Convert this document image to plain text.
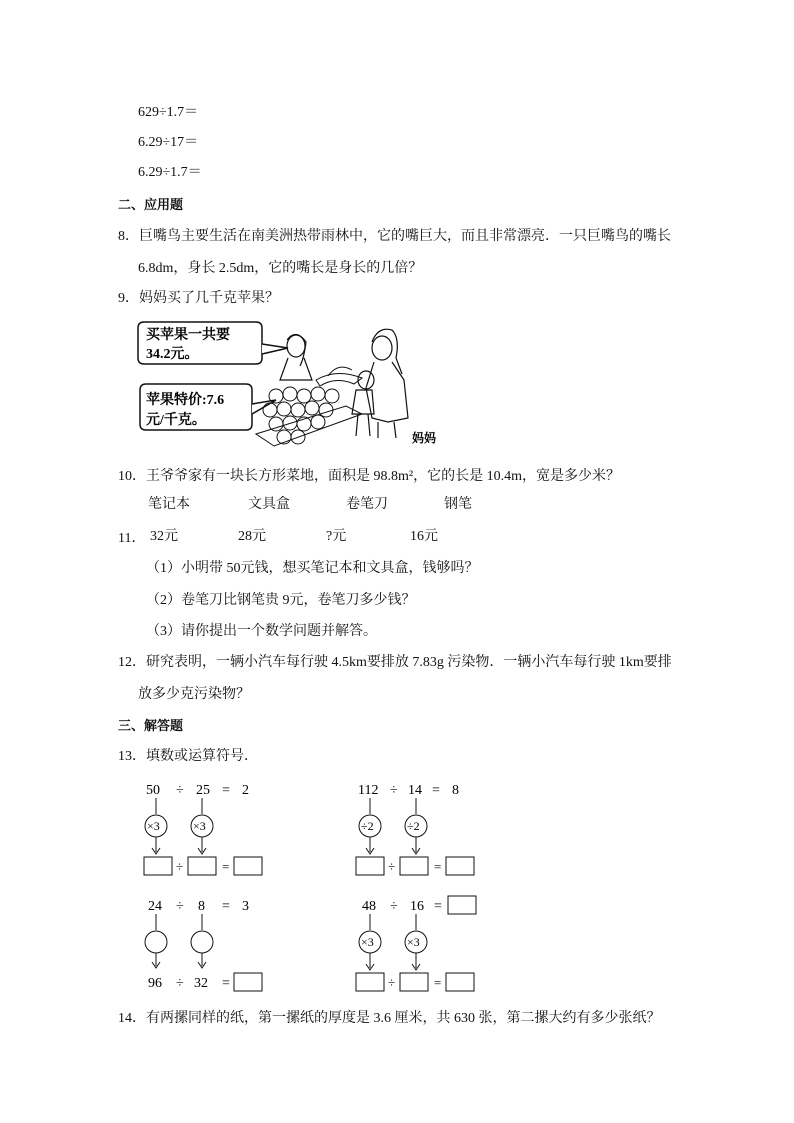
629÷1.7＝
6.29÷17＝
6.29÷1.7＝
二、应用题
8．巨嘴鸟主要生活在南美洲热带雨林中，它的嘴巨大，而且非常漂亮．一只巨嘴鸟的嘴长
6.8dm，身长 2.5dm，它的嘴长是身长的几倍？
9．妈妈买了几千克苹果？
买苹果一共要
34.2元。
苹果特价:7.6
元/千克。
妈妈
10．王爷爷家有一块长方形菜地，面积是 98.8m²，它的长是 10.4m，宽是多少米？
笔记本	文具盒	卷笔刀	钢笔
11． 32元	28元	?元	16元
（1）小明带 50元钱，想买笔记本和文具盒，钱够吗？
（2）卷笔刀比钢笔贵 9元，卷笔刀多少钱？
（3）请你提出一个数学问题并解答。
12．研究表明，一辆小汽车每行驶 4.5km要排放 7.83g 污染物．一辆小汽车每行驶 1km要排
放多少克污染物？
三、解答题
13．填数或运算符号．
50 ÷ 25 = 2
×3	×3
÷	=
112 ÷ 14 = 8
÷2	÷2
÷	=
24 ÷ 8 = 3
96 ÷ 32 =
48 ÷ 16 =
×3	×3
÷	=
14．有两摞同样的纸，第一摞纸的厚度是 3.6 厘米，共 630 张，第二摞大约有多少张纸？
